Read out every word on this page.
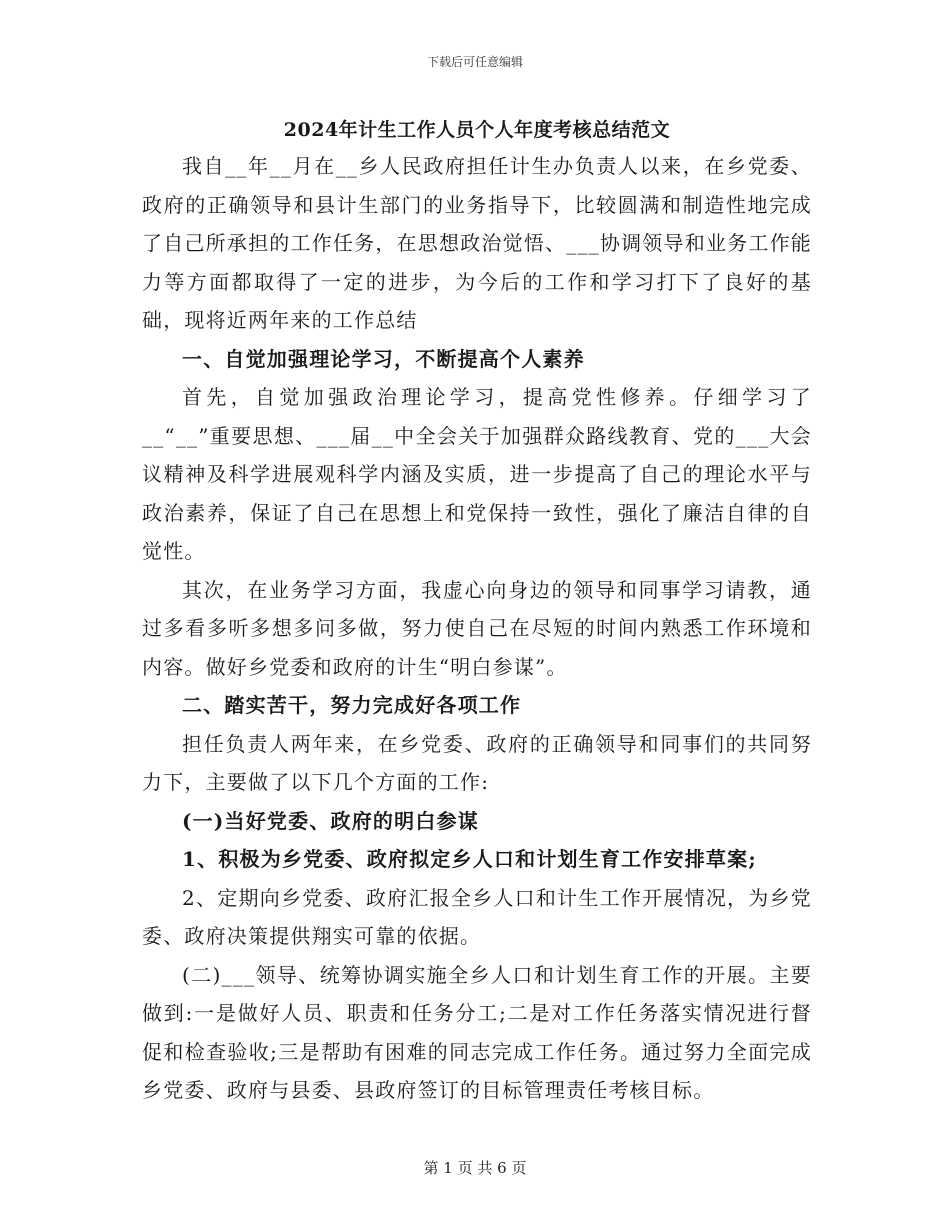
下载后可任意编辑
2024年计生工作人员个人年度考核总结范文

我自__年__月在__乡人民政府担任计生办负责人以来，在乡党委、政府的正确领导和县计生部门的业务指导下，比较圆满和制造性地完成了自己所承担的工作任务，在思想政治觉悟、___协调领导和业务工作能力等方面都取得了一定的进步，为今后的工作和学习打下了良好的基础，现将近两年来的工作总结

一、自觉加强理论学习，不断提高个人素养

首先，自觉加强政治理论学习，提高党性修养。仔细学习了__“__”重要思想、___届__中全会关于加强群众路线教育、党的___大会议精神及科学进展观科学内涵及实质，进一步提高了自己的理论水平与政治素养，保证了自己在思想上和党保持一致性，强化了廉洁自律的自觉性。

其次，在业务学习方面，我虚心向身边的领导和同事学习请教，通过多看多听多想多问多做，努力使自己在尽短的时间内熟悉工作环境和内容。做好乡党委和政府的计生“明白参谋”。

二、踏实苦干，努力完成好各项工作

担任负责人两年来，在乡党委、政府的正确领导和同事们的共同努力下，主要做了以下几个方面的工作:

(一)当好党委、政府的明白参谋

1、积极为乡党委、政府拟定乡人口和计划生育工作安排草案;

2、定期向乡党委、政府汇报全乡人口和计生工作开展情况，为乡党委、政府决策提供翔实可靠的依据。

(二)___领导、统筹协调实施全乡人口和计划生育工作的开展。主要做到:一是做好人员、职责和任务分工;二是对工作任务落实情况进行督促和检查验收;三是帮助有困难的同志完成工作任务。通过努力全面完成乡党委、政府与县委、县政府签订的目标管理责任考核目标。

第 1 页 共 6 页
